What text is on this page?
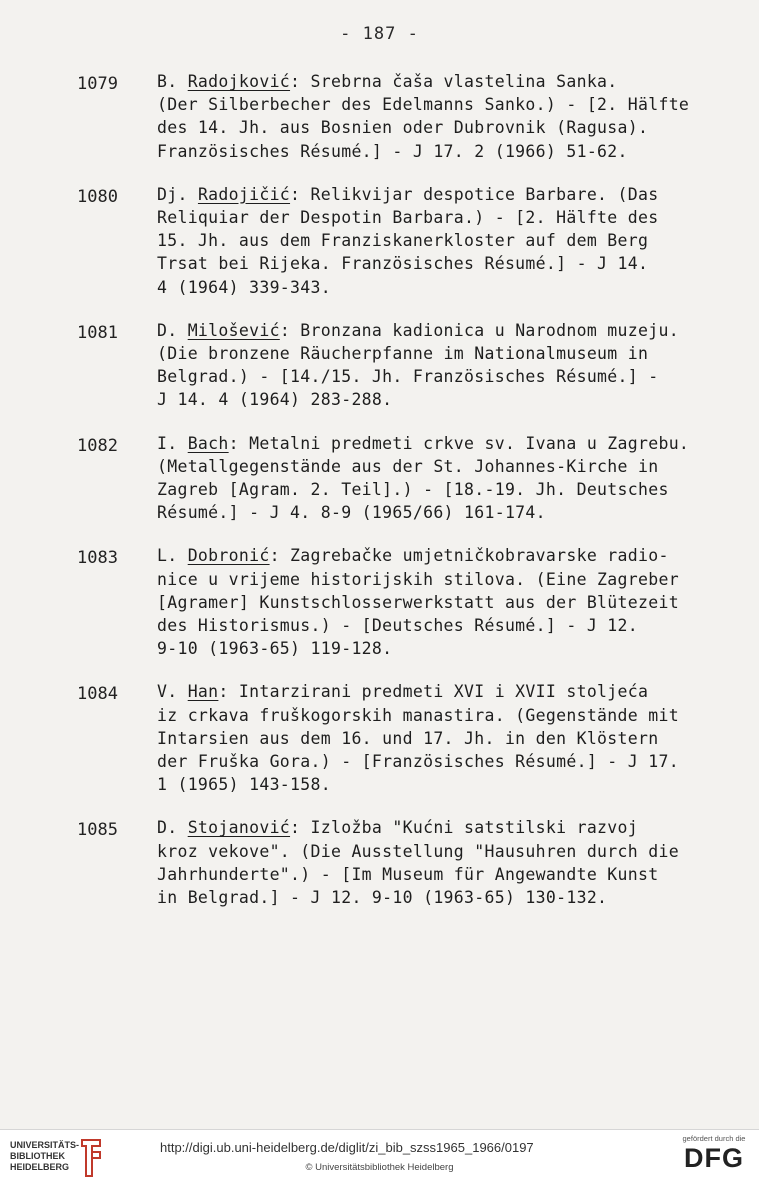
- 187 -
1079 B. Radojković: Srebrna čaša vlastelina Sanka.
(Der Silberbecher des Edelmanns Sanko.) - [2. Hälfte
des 14. Jh. aus Bosnien oder Dubrovnik (Ragusa).
Französisches Résumé.] - J 17. 2 (1966) 51-62.
1080 Dj. Radojičić: Relikvijar despotice Barbare. (Das
Reliquiar der Despotin Barbara.) - [2. Hälfte des
15. Jh. aus dem Franziskanerkloster auf dem Berg
Trsat bei Rijeka. Französisches Résumé.] - J 14.
4 (1964) 339-343.
1081 D. Milošević: Bronzana kadionica u Narodnom muzeju.
(Die bronzene Räucherpfanne im Nationalmuseum in
Belgrad.) - [14./15. Jh. Französisches Résumé.] -
J 14. 4 (1964) 283-288.
1082 I. Bach: Metalni predmeti crkve sv. Ivana u Zagrebu.
(Metallgegenstände aus der St. Johannes-Kirche in
Zagreb [Agram. 2. Teil].) - [18.-19. Jh. Deutsches
Résumé.] - J 4. 8-9 (1965/66) 161-174.
1083 L. Dobronić: Zagrebačke umjetničkobravarske radio-
nice u vrijeme historijskih stilova. (Eine Zagreber
[Agramer] Kunstschlosserwerkstatt aus der Blütezeit
des Historismus.) - [Deutsches Résumé.] - J 12.
9-10 (1963-65) 119-128.
1084 V. Han: Intarzirani predmeti XVI i XVII stoljeća
iz crkava fruškogorskih manastira. (Gegenstände mit
Intarsien aus dem 16. und 17. Jh. in den Klöstern
der Fruška Gora.) - [Französisches Résumé.] - J 17.
1 (1965) 143-158.
1085 D. Stojanović: Izložba "Kućni satstilski razvoj
kroz vekove". (Die Ausstellung "Hausuhren durch die
Jahrhunderte".) - [Im Museum für Angewandte Kunst
in Belgrad.] - J 12. 9-10 (1963-65) 130-132.
UNIVERSITÄTS-
BIBLIOTHEK
HEIDELBERG
http://digi.ub.uni-heidelberg.de/diglit/zi_bib_szss1965_1966/0197
© Universitätsbibliothek Heidelberg
gefördert durch die
DFG
